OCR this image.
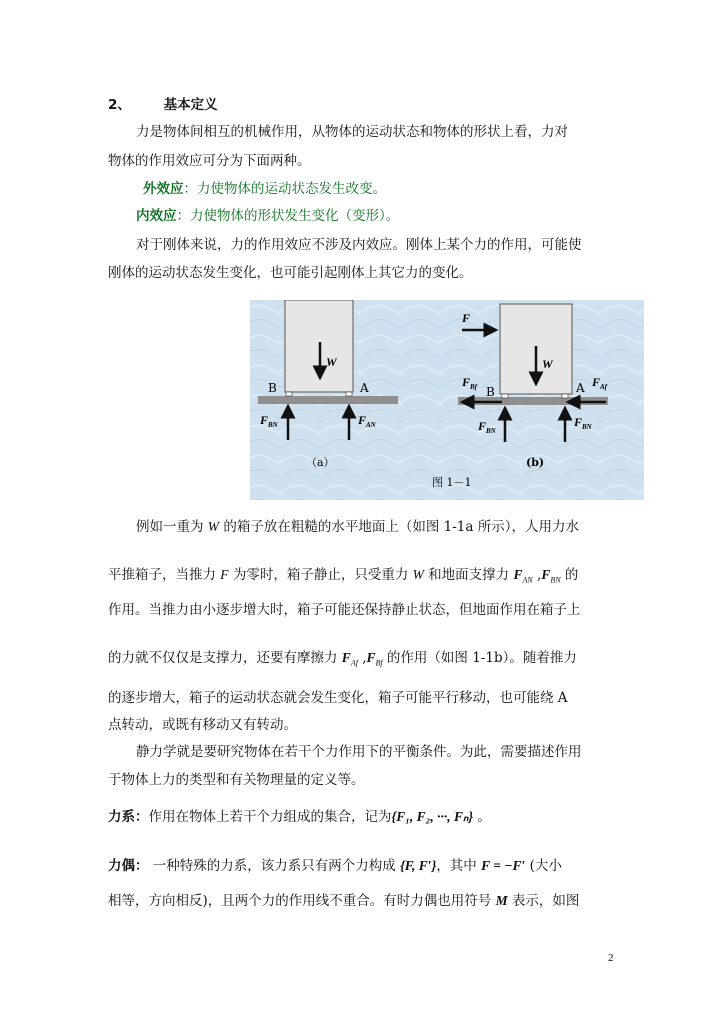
2、 基本定义
力是物体间相互的机械作用，从物体的运动状态和物体的形状上看，力对
物体的作用效应可分为下面两种。
外效应：力使物体的运动状态发生改变。
内效应：力使物体的形状发生变化（变形）。
对于刚体来说，力的作用效应不涉及内效应。刚体上某个力的作用，可能使
刚体的运动状态发生变化，也可能引起刚体上其它力的变化。
W
B	A
$F_{BN}$	$F_{AN}$
（a）
F
W
$F_{Bf}$ B	A $F_{Af}$
$F_{BN}$
$F_{BN}$
(b)
图 1－1
例如一重为 W 的箱子放在粗糙的水平地面上（如图 1-1a 所示），人用力水
平推箱子，当推力 F 为零时，箱子静止，只受重力 W 和地面支撑力 $F_{AN}$ $,F_{BN}$ 的
作用。当推力由小逐步增大时，箱子可能还保持静止状态，但地面作用在箱子上
的力就不仅仅是支撑力，还要有摩擦力 $F_{Af}$ $,F_{Bf}$ 的作用（如图 1-1b）。随着推力
的逐步增大，箱子的运动状态就会发生变化，箱子可能平行移动，也可能绕 A
点转动，或既有移动又有转动。
静力学就是要研究物体在若干个力作用下的平衡条件。为此，需要描述作用
于物体上力的类型和有关物理量的定义等。
力系：作用在物体上若干个力组成的集合，记为{F₁, F₂, ···, Fₙ} 。
力偶： 一种特殊的力系，该力系只有两个力构成 {F, F′}，其中 F = −F′ (大小
相等，方向相反)，且两个力的作用线不重合。有时力偶也用符号 M 表示，如图
2
